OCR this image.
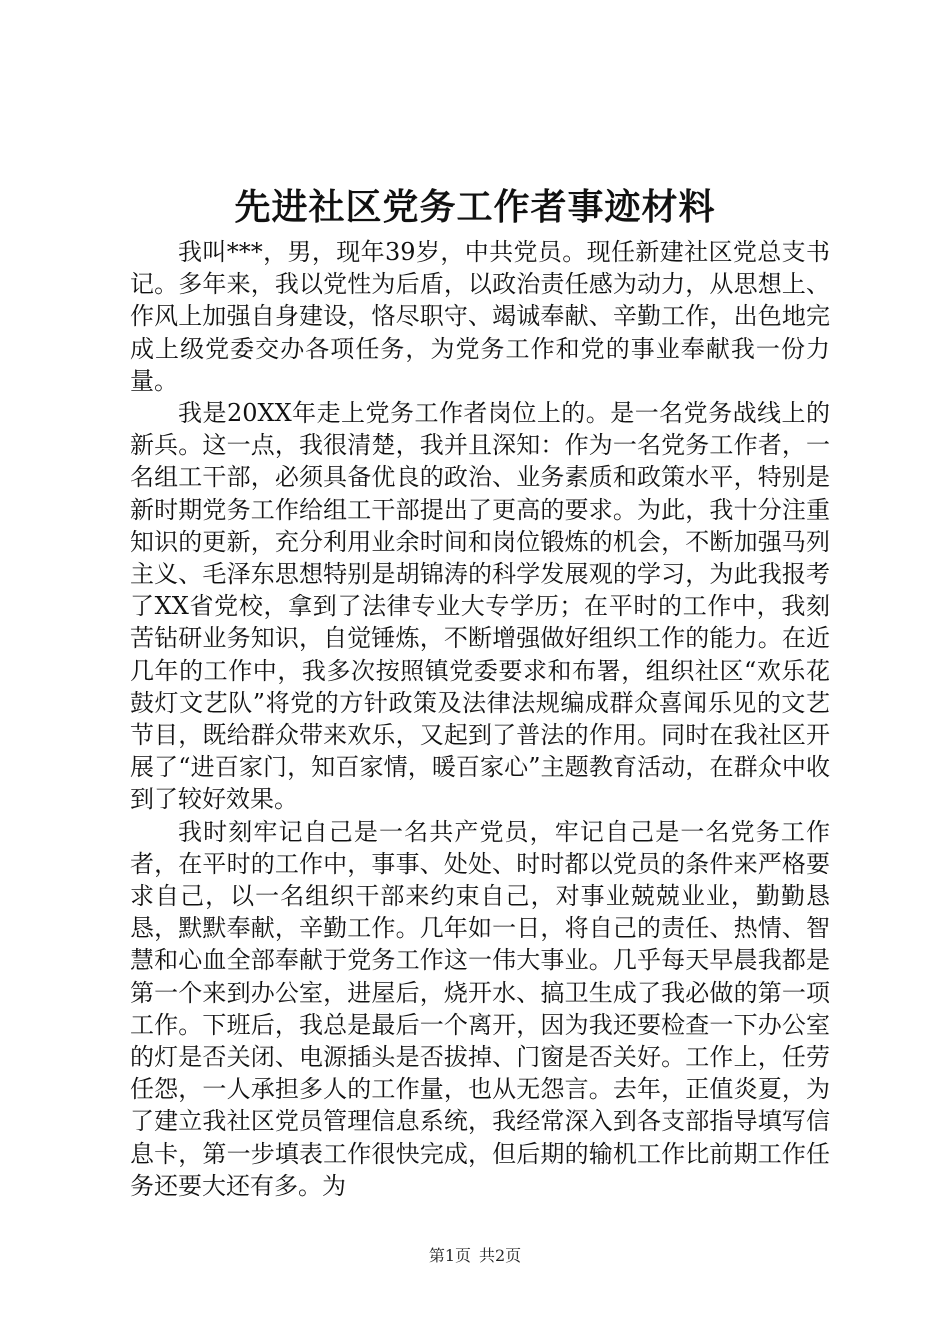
先进社区党务工作者事迹材料

我叫***，男，现年39岁，中共党员。现任新建社区党总支书记。多年来，我以党性为后盾，以政治责任感为动力，从思想上、作风上加强自身建设，恪尽职守、竭诚奉献、辛勤工作，出色地完成上级党委交办各项任务，为党务工作和党的事业奉献我一份力量。

我是20XX年走上党务工作者岗位上的。是一名党务战线上的新兵。这一点，我很清楚，我并且深知：作为一名党务工作者，一名组工干部，必须具备优良的政治、业务素质和政策水平，特别是新时期党务工作给组工干部提出了更高的要求。为此，我十分注重知识的更新，充分利用业余时间和岗位锻炼的机会，不断加强马列主义、毛泽东思想特别是胡锦涛的科学发展观的学习，为此我报考了XX省党校，拿到了法律专业大专学历；在平时的工作中，我刻苦钻研业务知识，自觉锤炼，不断增强做好组织工作的能力。在近几年的工作中，我多次按照镇党委要求和布署，组织社区“欢乐花鼓灯文艺队”将党的方针政策及法律法规编成群众喜闻乐见的文艺节目，既给群众带来欢乐，又起到了普法的作用。同时在我社区开展了“进百家门，知百家情，暖百家心”主题教育活动，在群众中收到了较好效果。

我时刻牢记自己是一名共产党员，牢记自己是一名党务工作者，在平时的工作中，事事、处处、时时都以党员的条件来严格要求自己，以一名组织干部来约束自己，对事业兢兢业业，勤勤恳恳，默默奉献，辛勤工作。几年如一日，将自己的责任、热情、智慧和心血全部奉献于党务工作这一伟大事业。几乎每天早晨我都是第一个来到办公室，进屋后，烧开水、搞卫生成了我必做的第一项工作。下班后，我总是最后一个离开，因为我还要检查一下办公室的灯是否关闭、电源插头是否拔掉、门窗是否关好。工作上，任劳任怨，一人承担多人的工作量，也从无怨言。去年，正值炎夏，为了建立我社区党员管理信息系统，我经常深入到各支部指导填写信息卡，第一步填表工作很快完成，但后期的输机工作比前期工作任务还要大还有多。为

第1页 共2页
